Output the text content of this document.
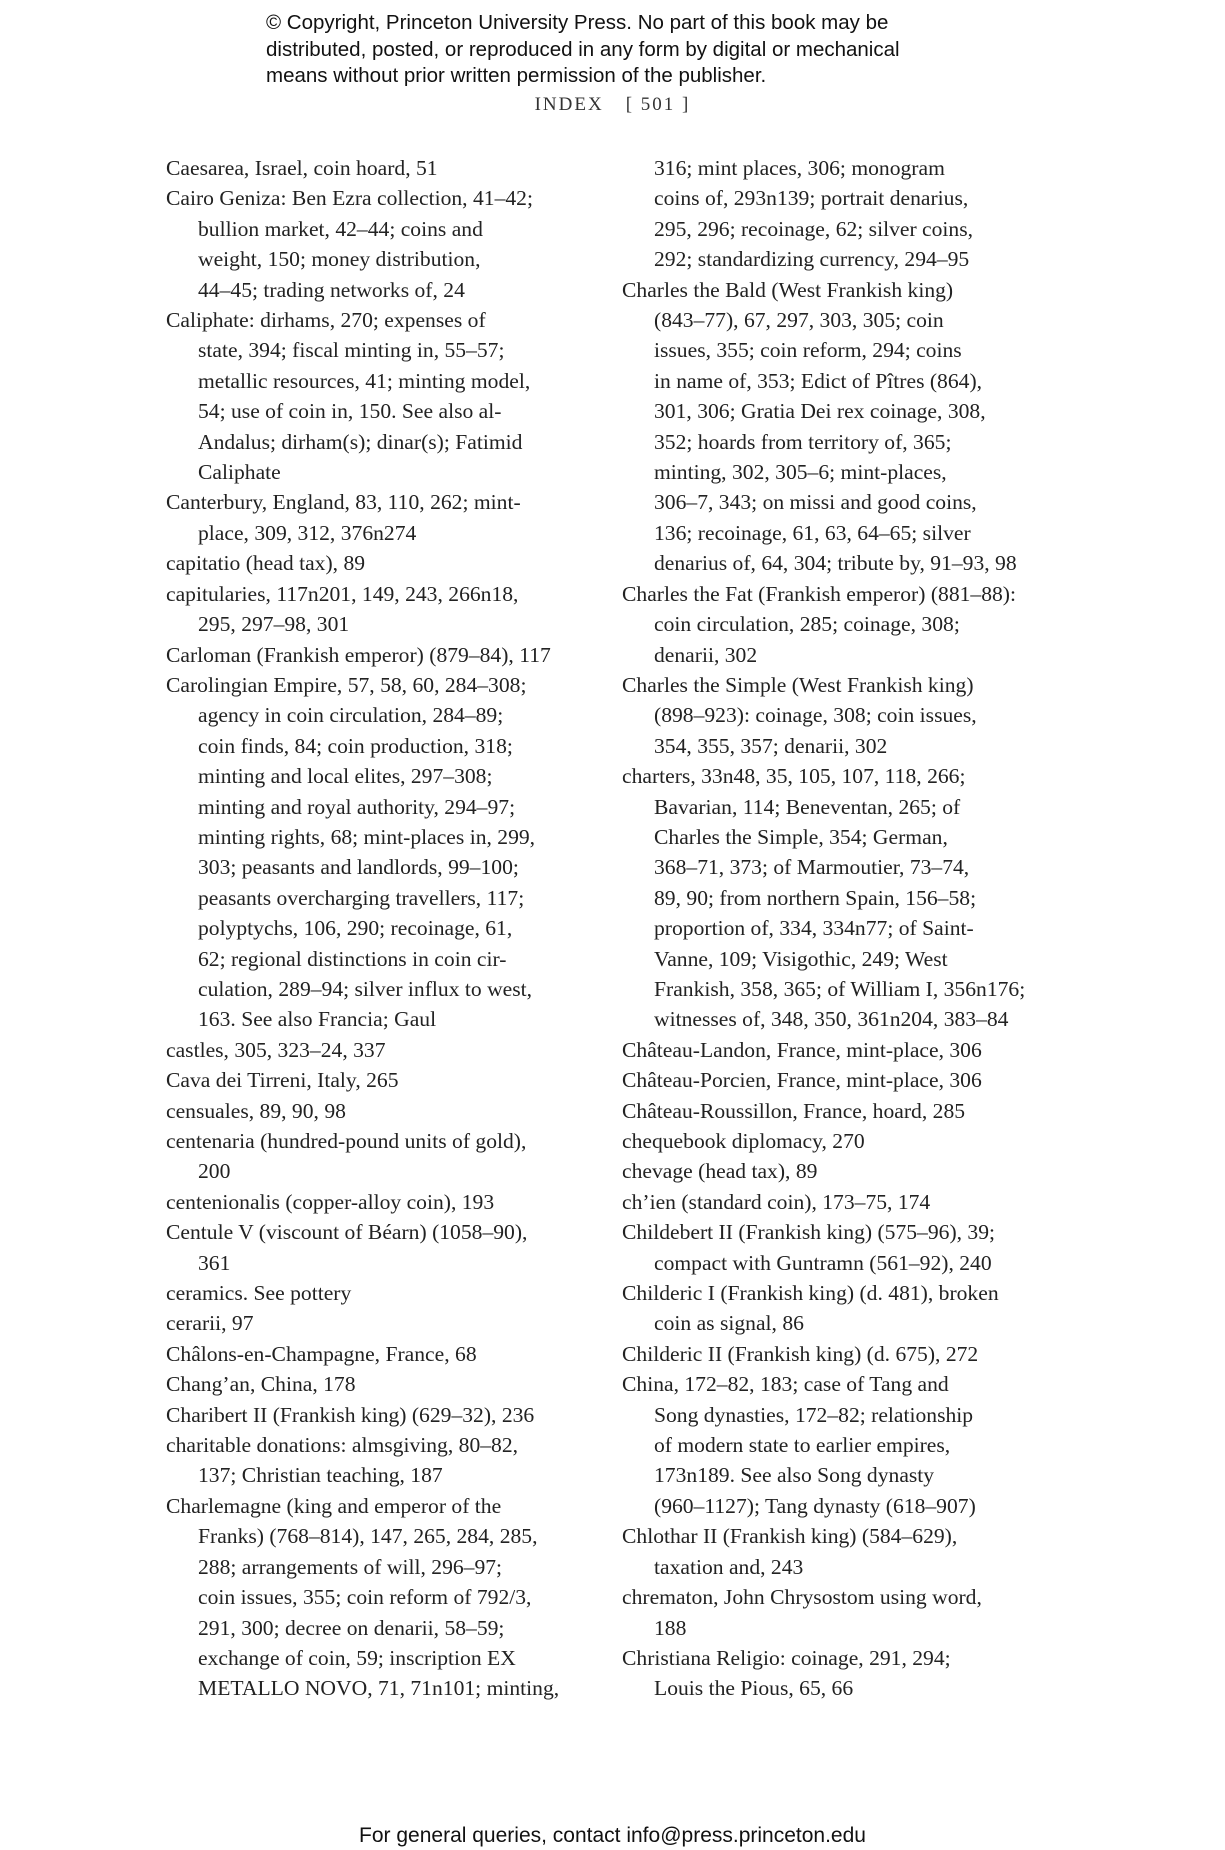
© Copyright, Princeton University Press. No part of this book may be
distributed, posted, or reproduced in any form by digital or mechanical
means without prior written permission of the publisher.
INDEX [ 501 ]
Caesarea, Israel, coin hoard, 51
Cairo Geniza: Ben Ezra collection, 41–42;
bullion market, 42–44; coins and
weight, 150; money distribution,
44–45; trading networks of, 24
Caliphate: dirhams, 270; expenses of
state, 394; fiscal minting in, 55–57;
metallic resources, 41; minting model,
54; use of coin in, 150. See also al-
Andalus; dirham(s); dinar(s); Fatimid
Caliphate
Canterbury, England, 83, 110, 262; mint-
place, 309, 312, 376n274
capitatio (head tax), 89
capitularies, 117n201, 149, 243, 266n18,
295, 297–98, 301
Carloman (Frankish emperor) (879–84), 117
Carolingian Empire, 57, 58, 60, 284–308;
agency in coin circulation, 284–89;
coin finds, 84; coin production, 318;
minting and local elites, 297–308;
minting and royal authority, 294–97;
minting rights, 68; mint-places in, 299,
303; peasants and landlords, 99–100;
peasants overcharging travellers, 117;
polyptychs, 106, 290; recoinage, 61,
62; regional distinctions in coin cir-
culation, 289–94; silver influx to west,
163. See also Francia; Gaul
castles, 305, 323–24, 337
Cava dei Tirreni, Italy, 265
censuales, 89, 90, 98
centenaria (hundred-pound units of gold),
200
centenionalis (copper-alloy coin), 193
Centule V (viscount of Béarn) (1058–90),
361
ceramics. See pottery
cerarii, 97
Châlons-en-Champagne, France, 68
Chang’an, China, 178
Charibert II (Frankish king) (629–32), 236
charitable donations: almsgiving, 80–82,
137; Christian teaching, 187
Charlemagne (king and emperor of the
Franks) (768–814), 147, 265, 284, 285,
288; arrangements of will, 296–97;
coin issues, 355; coin reform of 792/3,
291, 300; decree on denarii, 58–59;
exchange of coin, 59; inscription EX
METALLO NOVO, 71, 71n101; minting,
316; mint places, 306; monogram
coins of, 293n139; portrait denarius,
295, 296; recoinage, 62; silver coins,
292; standardizing currency, 294–95
Charles the Bald (West Frankish king)
(843–77), 67, 297, 303, 305; coin
issues, 355; coin reform, 294; coins
in name of, 353; Edict of Pîtres (864),
301, 306; Gratia Dei rex coinage, 308,
352; hoards from territory of, 365;
minting, 302, 305–6; mint-places,
306–7, 343; on missi and good coins,
136; recoinage, 61, 63, 64–65; silver
denarius of, 64, 304; tribute by, 91–93, 98
Charles the Fat (Frankish emperor) (881–88):
coin circulation, 285; coinage, 308;
denarii, 302
Charles the Simple (West Frankish king)
(898–923): coinage, 308; coin issues,
354, 355, 357; denarii, 302
charters, 33n48, 35, 105, 107, 118, 266;
Bavarian, 114; Beneventan, 265; of
Charles the Simple, 354; German,
368–71, 373; of Marmoutier, 73–74,
89, 90; from northern Spain, 156–58;
proportion of, 334, 334n77; of Saint-
Vanne, 109; Visigothic, 249; West
Frankish, 358, 365; of William I, 356n176;
witnesses of, 348, 350, 361n204, 383–84
Château-Landon, France, mint-place, 306
Château-Porcien, France, mint-place, 306
Château-Roussillon, France, hoard, 285
chequebook diplomacy, 270
chevage (head tax), 89
ch’ien (standard coin), 173–75, 174
Childebert II (Frankish king) (575–96), 39;
compact with Guntramn (561–92), 240
Childeric I (Frankish king) (d. 481), broken
coin as signal, 86
Childeric II (Frankish king) (d. 675), 272
China, 172–82, 183; case of Tang and
Song dynasties, 172–82; relationship
of modern state to earlier empires,
173n189. See also Song dynasty
(960–1127); Tang dynasty (618–907)
Chlothar II (Frankish king) (584–629),
taxation and, 243
chrematon, John Chrysostom using word,
188
Christiana Religio: coinage, 291, 294;
Louis the Pious, 65, 66
For general queries, contact info@press.princeton.edu
